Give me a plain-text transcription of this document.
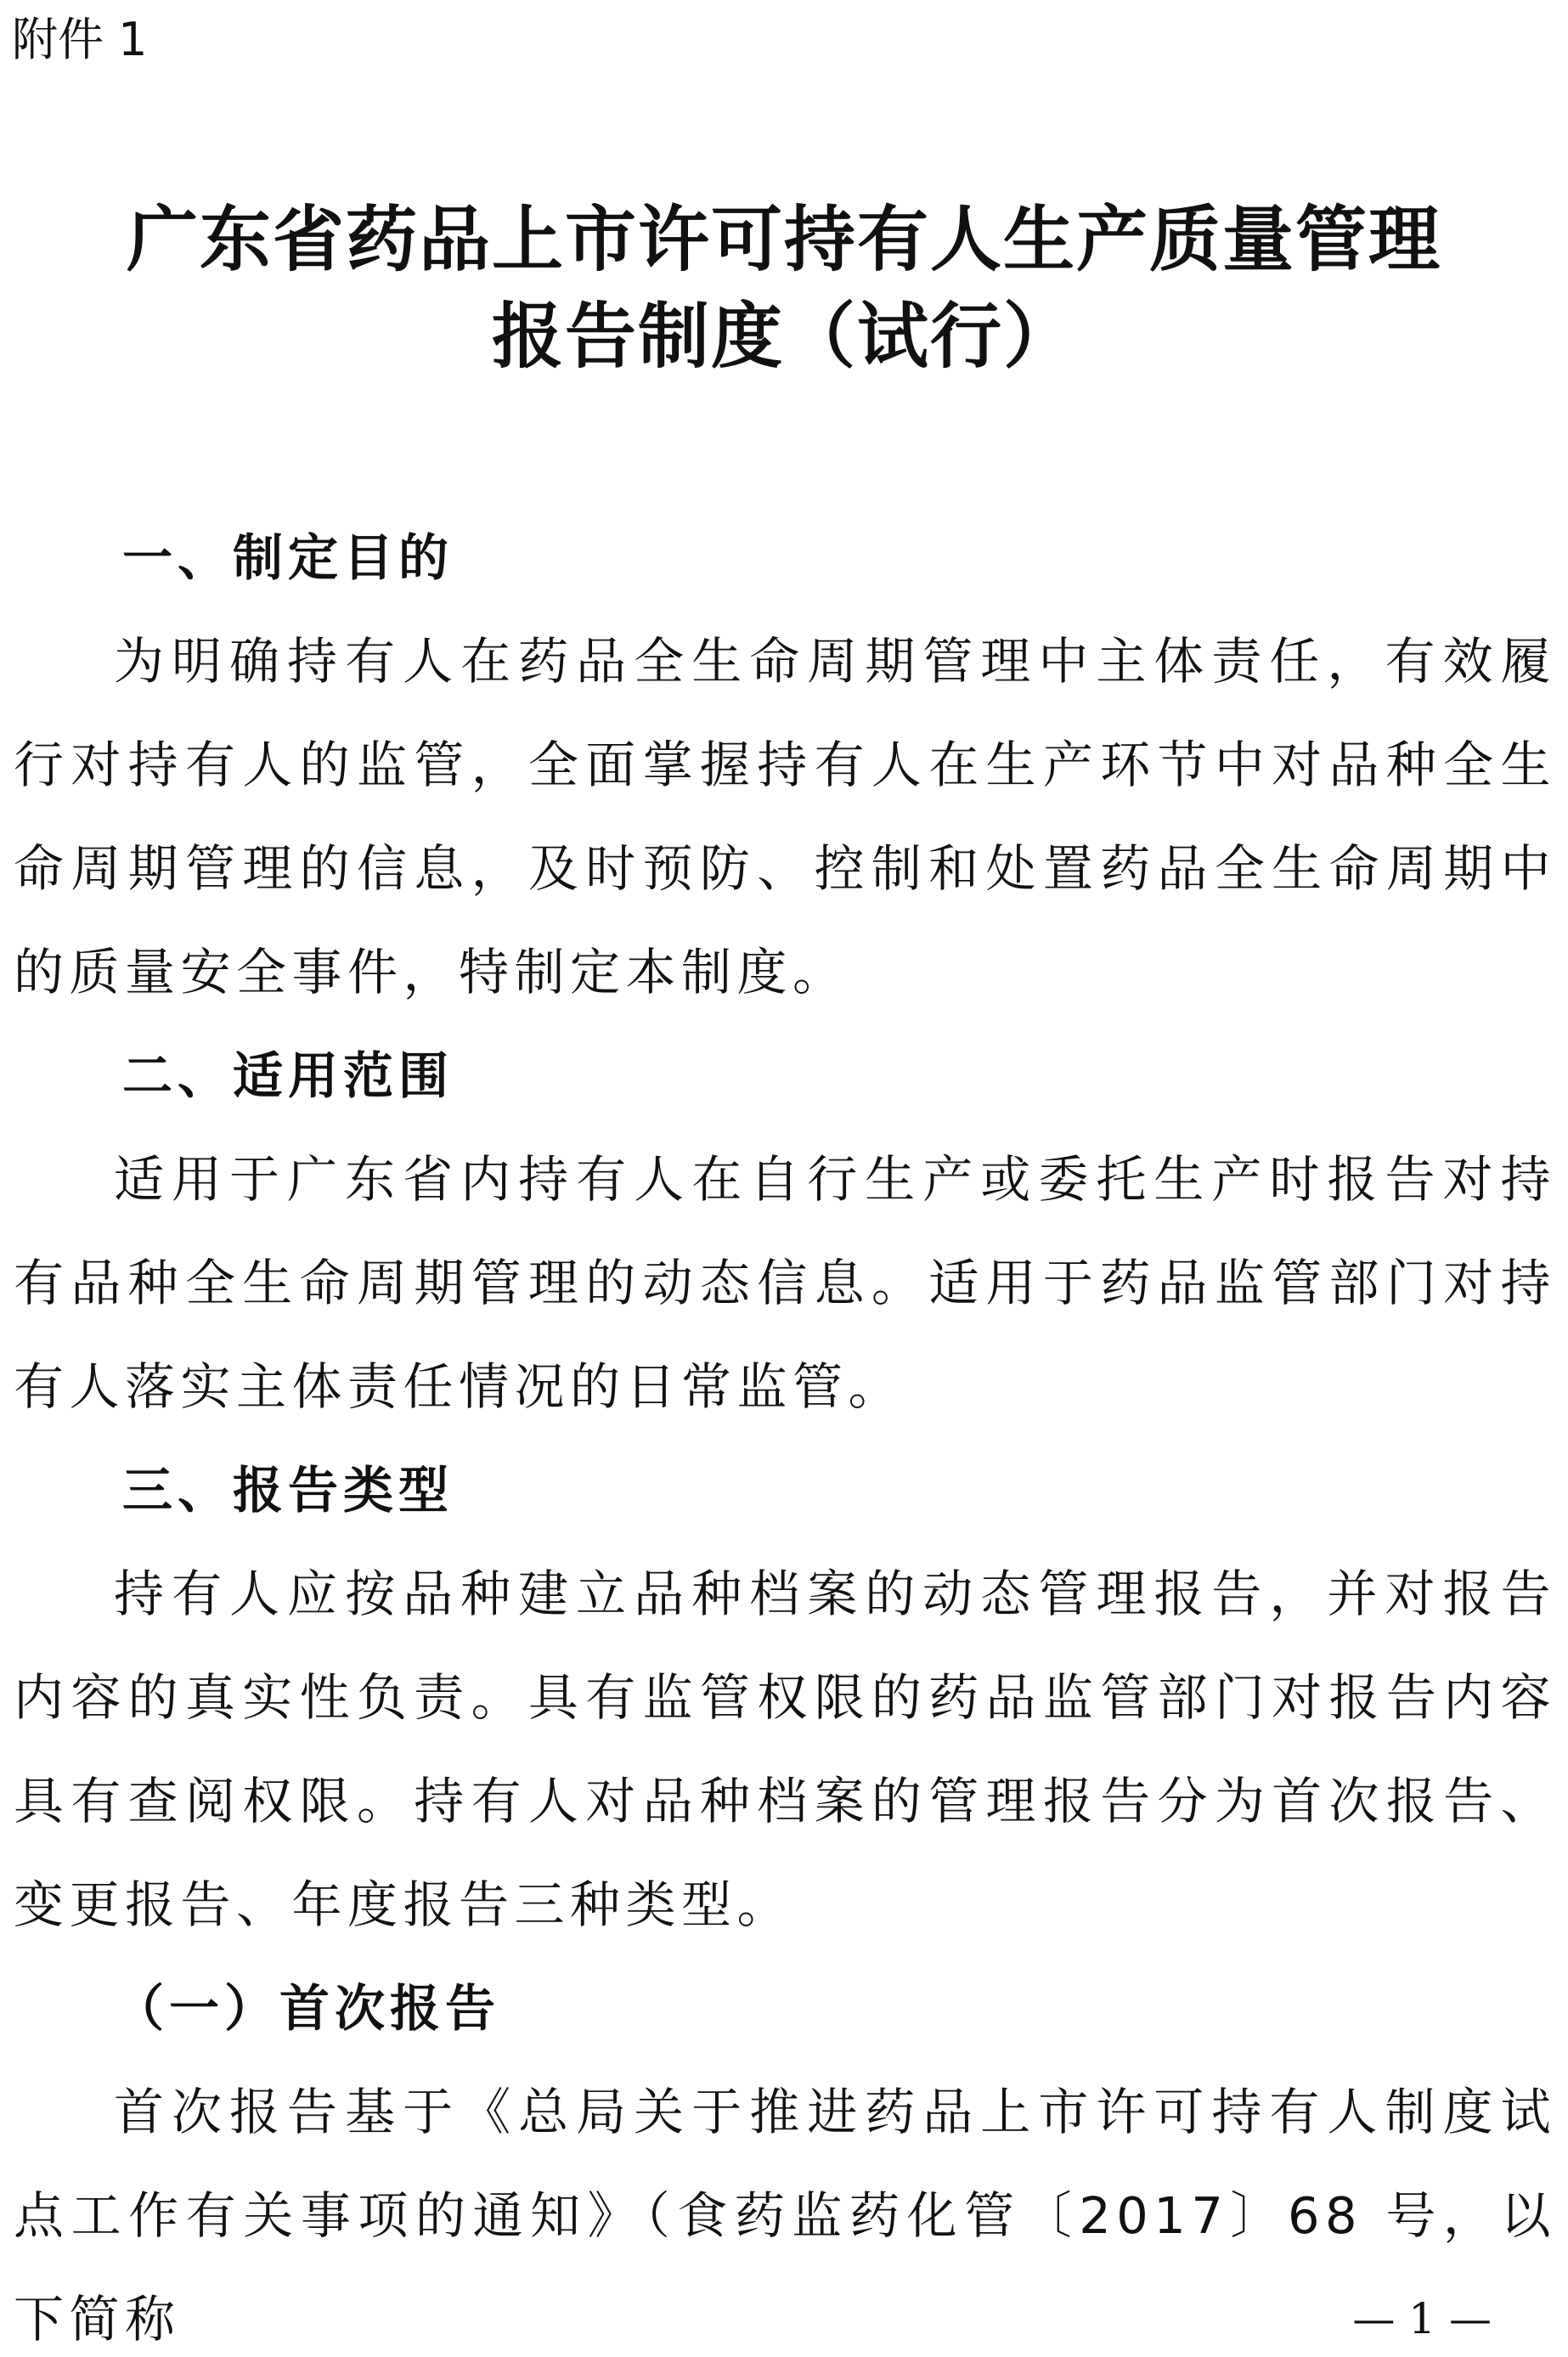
附件 1
广东省药品上市许可持有人生产质量管理
报告制度（试行）
一、制定目的

为明确持有人在药品全生命周期管理中主体责任，有效履行对持有人的监管，全面掌握持有人在生产环节中对品种全生命周期管理的信息，及时预防、控制和处置药品全生命周期中的质量安全事件，特制定本制度。

二、适用范围

适用于广东省内持有人在自行生产或委托生产时报告对持有品种全生命周期管理的动态信息。适用于药品监管部门对持有人落实主体责任情况的日常监管。

三、报告类型

持有人应按品种建立品种档案的动态管理报告，并对报告内容的真实性负责。具有监管权限的药品监管部门对报告内容具有查阅权限。持有人对品种档案的管理报告分为首次报告、变更报告、年度报告三种类型。

（一）首次报告

首次报告基于《总局关于推进药品上市许可持有人制度试点工作有关事项的通知》（食药监药化管〔2017〕68 号，以下简称	— 1 —
